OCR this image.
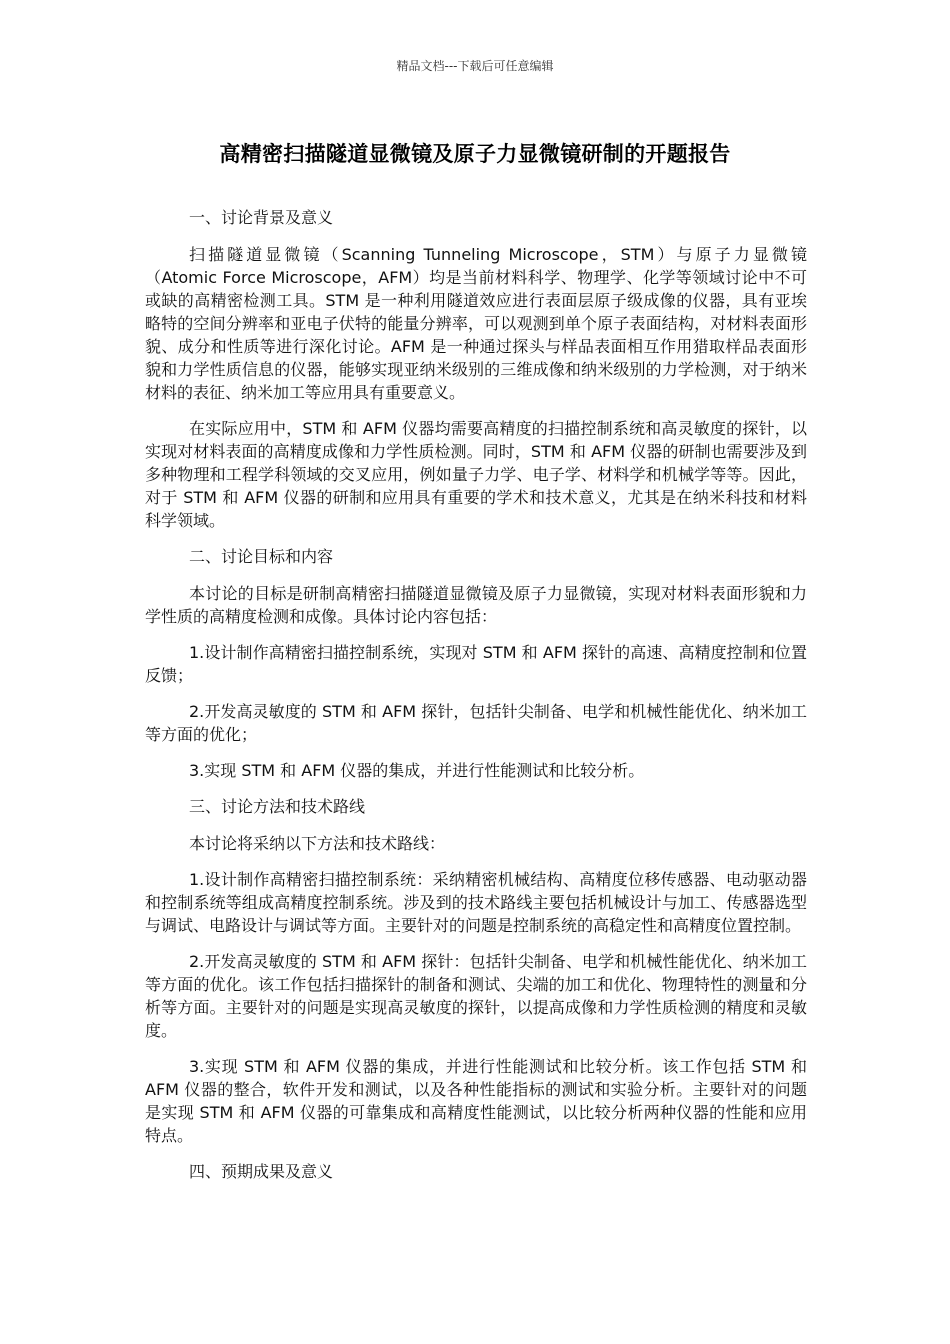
精品文档---下载后可任意编辑
高精密扫描隧道显微镜及原子力显微镜研制的开题报告

一、讨论背景及意义

扫描隧道显微镜（Scanning Tunneling Microscope，STM）与原子力显微镜（Atomic Force Microscope，AFM）均是当前材料科学、物理学、化学等领域讨论中不可或缺的高精密检测工具。STM 是一种利用隧道效应进行表面层原子级成像的仪器，具有亚埃略特的空间分辨率和亚电子伏特的能量分辨率，可以观测到单个原子表面结构，对材料表面形貌、成分和性质等进行深化讨论。AFM 是一种通过探头与样品表面相互作用猎取样品表面形貌和力学性质信息的仪器，能够实现亚纳米级别的三维成像和纳米级别的力学检测，对于纳米材料的表征、纳米加工等应用具有重要意义。

在实际应用中，STM 和 AFM 仪器均需要高精度的扫描控制系统和高灵敏度的探针，以实现对材料表面的高精度成像和力学性质检测。同时，STM 和 AFM 仪器的研制也需要涉及到多种物理和工程学科领域的交叉应用，例如量子力学、电子学、材料学和机械学等等。因此，对于 STM 和 AFM 仪器的研制和应用具有重要的学术和技术意义，尤其是在纳米科技和材料科学领域。

二、讨论目标和内容

本讨论的目标是研制高精密扫描隧道显微镜及原子力显微镜，实现对材料表面形貌和力学性质的高精度检测和成像。具体讨论内容包括：

1.设计制作高精密扫描控制系统，实现对 STM 和 AFM 探针的高速、高精度控制和位置反馈；

2.开发高灵敏度的 STM 和 AFM 探针，包括针尖制备、电学和机械性能优化、纳米加工等方面的优化；

3.实现 STM 和 AFM 仪器的集成，并进行性能测试和比较分析。

三、讨论方法和技术路线

本讨论将采纳以下方法和技术路线：

1.设计制作高精密扫描控制系统：采纳精密机械结构、高精度位移传感器、电动驱动器和控制系统等组成高精度控制系统。涉及到的技术路线主要包括机械设计与加工、传感器选型与调试、电路设计与调试等方面。主要针对的问题是控制系统的高稳定性和高精度位置控制。

2.开发高灵敏度的 STM 和 AFM 探针：包括针尖制备、电学和机械性能优化、纳米加工等方面的优化。该工作包括扫描探针的制备和测试、尖端的加工和优化、物理特性的测量和分析等方面。主要针对的问题是实现高灵敏度的探针，以提高成像和力学性质检测的精度和灵敏度。

3.实现 STM 和 AFM 仪器的集成，并进行性能测试和比较分析。该工作包括 STM 和 AFM 仪器的整合，软件开发和测试，以及各种性能指标的测试和实验分析。主要针对的问题是实现 STM 和 AFM 仪器的可靠集成和高精度性能测试，以比较分析两种仪器的性能和应用特点。

四、预期成果及意义
